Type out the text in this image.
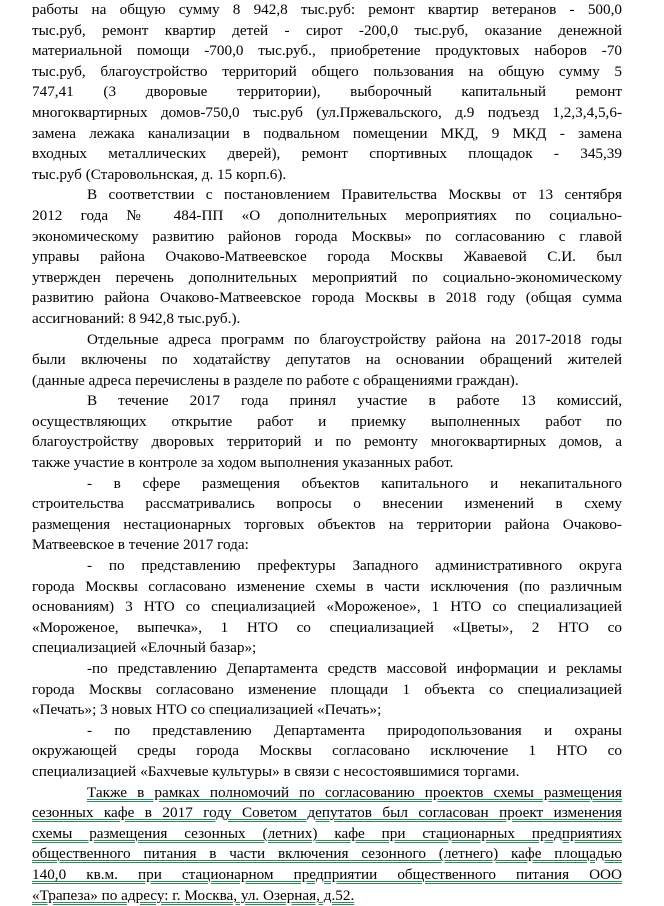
работы на общую сумму 8 942,8 тыс.руб: ремонт квартир ветеранов - 500,0
тыс.руб, ремонт квартир детей - сирот -200,0 тыс.руб, оказание денежной
материальной помощи -700,0 тыс.руб., приобретение продуктовых наборов -70
тыс.руб, благоустройство территорий общего пользования на общую сумму 5
747,41 (3 дворовые территории), выборочный капитальный ремонт
многоквартирных домов-750,0 тыс.руб (ул.Пржевальского, д.9 подъезд 1,2,3,4,5,6-
замена лежака канализации в подвальном помещении МКД, 9 МКД - замена
входных металлических дверей), ремонт спортивных площадок - 345,39
тыс.руб (Старовольнская, д. 15 корп.6).
В соответствии с постановлением Правительства Москвы от 13 сентября
2012 года № 484-ПП «О дополнительных мероприятиях по социально-
экономическому развитию районов города Москвы» по согласованию с главой
управы района Очаково-Матвеевское города Москвы Жаваевой С.И. был
утвержден перечень дополнительных мероприятий по социально-экономическому
развитию района Очаково-Матвеевское города Москвы в 2018 году (общая сумма
ассигнований: 8 942,8 тыс.руб.).
Отдельные адреса программ по благоустройству района на 2017-2018 годы
были включены по ходатайству депутатов на основании обращений жителей
(данные адреса перечислены в разделе по работе с обращениями граждан).
В течение 2017 года принял участие в работе 13 комиссий,
осуществляющих открытие работ и приемку выполненных работ по
благоустройству дворовых территорий и по ремонту многоквартирных домов, а
также участие в контроле за ходом выполнения указанных работ.
- в сфере размещения объектов капитального и некапитального
строительства рассматривались вопросы о внесении изменений в схему
размещения нестационарных торговых объектов на территории района Очаково-
Матвеевское в течение 2017 года:
- по представлению префектуры Западного административного округа
города Москвы согласовано изменение схемы в части исключения (по различным
основаниям) 3 НТО со специализацией «Мороженое», 1 НТО со специализацией
«Мороженое, выпечка», 1 НТО со специализацией «Цветы», 2 НТО со
специализацией «Елочный базар»;
-по представлению Департамента средств массовой информации и рекламы
города Москвы согласовано изменение площади 1 объекта со специализацией
«Печать»; 3 новых НТО со специализацией «Печать»;
- по представлению Департамента природопользования и охраны
окружающей среды города Москвы согласовано исключение 1 НТО со
специализацией «Бахчевые культуры» в связи с несостоявшимися торгами.
Также в рамках полномочий по согласованию проектов схемы размещения
сезонных кафе в 2017 году Советом депутатов был согласован проект изменения
схемы размещения сезонных (летних) кафе при стационарных предприятиях
общественного питания в части включения сезонного (летнего) кафе площадью
140,0 кв.м. при стационарном предприятии общественного питания ООО
«Трапеза» по адресу: г. Москва, ул. Озерная, д.52.
